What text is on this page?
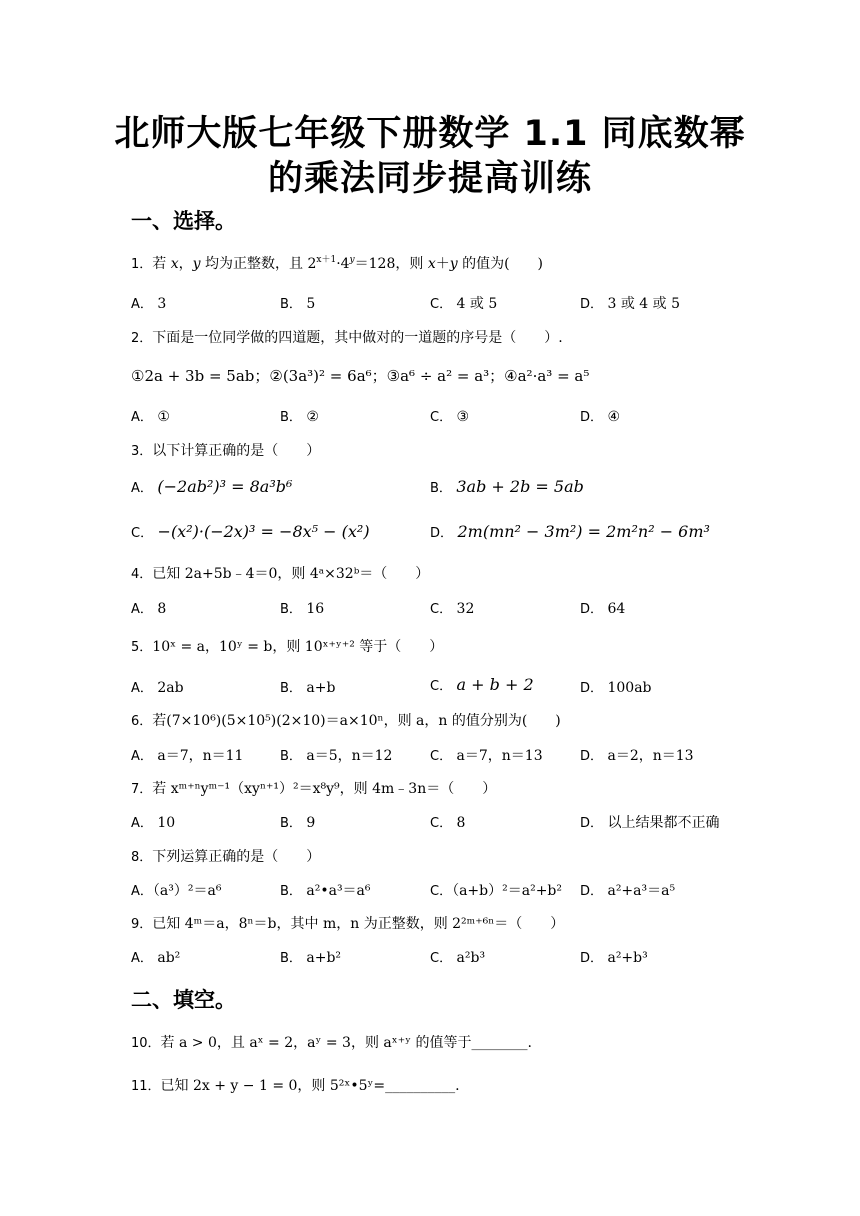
北师大版七年级下册数学 1.1 同底数幂
的乘法同步提高训练
一、选择。
1．若 x，y 均为正整数，且 $2^{x+1}\cdot 4^y=128$，则 x＋y 的值为(　　)
A． 3	B． 5	C． 4 或 5	D． 3 或 4 或 5
2．下面是一位同学做的四道题，其中做对的一道题的序号是（　　）.
①2a + 3b = 5ab；②(3a³)² = 6a⁶；③a⁶ ÷ a² = a³；④a²·a³ = a⁵
A． ①	B． ②	C． ③	D． ④
3．以下计算正确的是（　　）
A． (−2ab²)³ = 8a³b⁶	B． 3ab + 2b = 5ab
C． −(x²)·(−2x)³ = −8x⁵ − (x²)	D． 2m(mn² − 3m²) = 2m²n² − 6m³
4．已知 2a+5b﹣4＝0，则 4ᵃ×32ᵇ＝（　　）
A． 8	B． 16	C． 32	D． 64
5．10ˣ = a，10ʸ = b，则 10ˣ⁺ʸ⁺² 等于（　　）
A． 2ab	B． a+b	C． a + b + 2	D． 100ab
6．若(7×10⁶)(5×10⁵)(2×10)＝a×10ⁿ，则 a，n 的值分别为(　　)
A． a＝7，n＝11	B． a＝5，n＝12	C． a＝7，n＝13	D． a＝2，n＝13
7．若 xᵐ⁺ⁿyᵐ⁻¹（xyⁿ⁺¹）²＝x⁸y⁹，则 4m﹣3n＝（　　）
A． 10	B． 9	C． 8	D． 以上结果都不正确
8．下列运算正确的是（　　）
A．（a³）²＝a⁶	B． a²•a³＝a⁶	C．（a+b）²＝a²+b² D． a²+a³＝a⁵
9．已知 4ᵐ＝a，8ⁿ＝b，其中 m，n 为正整数，则 2²ᵐ⁺⁶ⁿ＝（　　）
A． ab²	B． a+b²	C． a²b³	D． a²+b³
二、填空。
10．若 a > 0，且 aˣ = 2，aʸ = 3，则 aˣ⁺ʸ 的值等于________.
11．已知 2x + y − 1 = 0，则 5²ˣ•5ʸ=__________.
